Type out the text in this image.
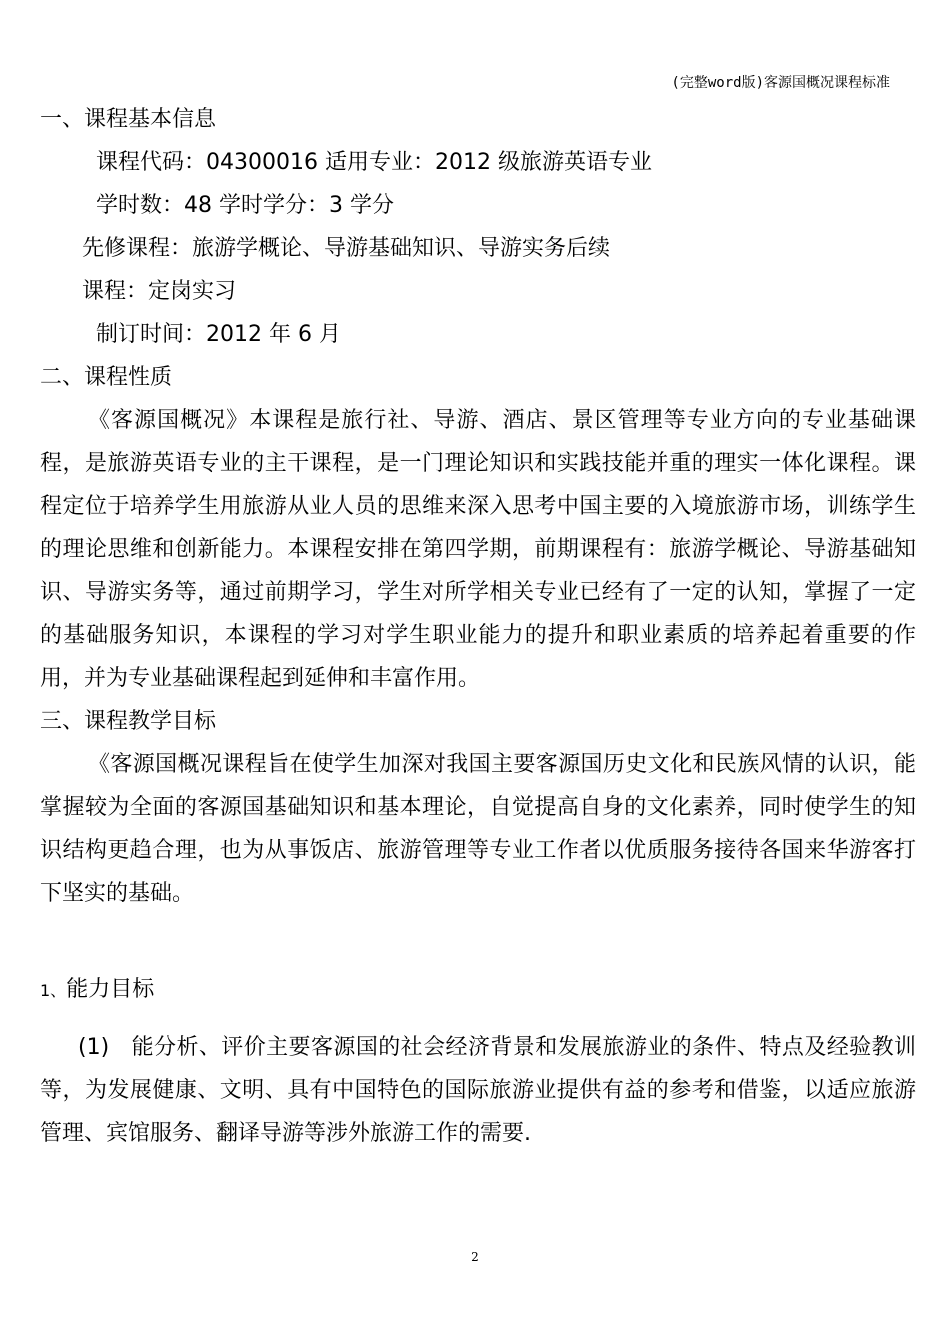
(完整word版)客源国概况课程标准
一、课程基本信息
课程代码：04300016 适用专业：2012 级旅游英语专业
学时数：48 学时学分：3 学分
先修课程：旅游学概论、导游基础知识、导游实务后续
课程：定岗实习
制订时间：2012 年 6 月
二、课程性质
《客源国概况》本课程是旅行社、导游、酒店、景区管理等专业方向的专业基础课程，是旅游英语专业的主干课程，是一门理论知识和实践技能并重的理实一体化课程。课程定位于培养学生用旅游从业人员的思维来深入思考中国主要的入境旅游市场，训练学生的理论思维和创新能力。本课程安排在第四学期，前期课程有：旅游学概论、导游基础知识、导游实务等，通过前期学习，学生对所学相关专业已经有了一定的认知，掌握了一定的基础服务知识，本课程的学习对学生职业能力的提升和职业素质的培养起着重要的作用，并为专业基础课程起到延伸和丰富作用。
三、课程教学目标
《客源国概况课程旨在使学生加深对我国主要客源国历史文化和民族风情的认识，能掌握较为全面的客源国基础知识和基本理论，自觉提高自身的文化素养，同时使学生的知识结构更趋合理，也为从事饭店、旅游管理等专业工作者以优质服务接待各国来华游客打下坚实的基础。
1、能力目标
(1) 能分析、评价主要客源国的社会经济背景和发展旅游业的条件、特点及经验教训等，为发展健康、文明、具有中国特色的国际旅游业提供有益的参考和借鉴，以适应旅游管理、宾馆服务、翻译导游等涉外旅游工作的需要.
2
